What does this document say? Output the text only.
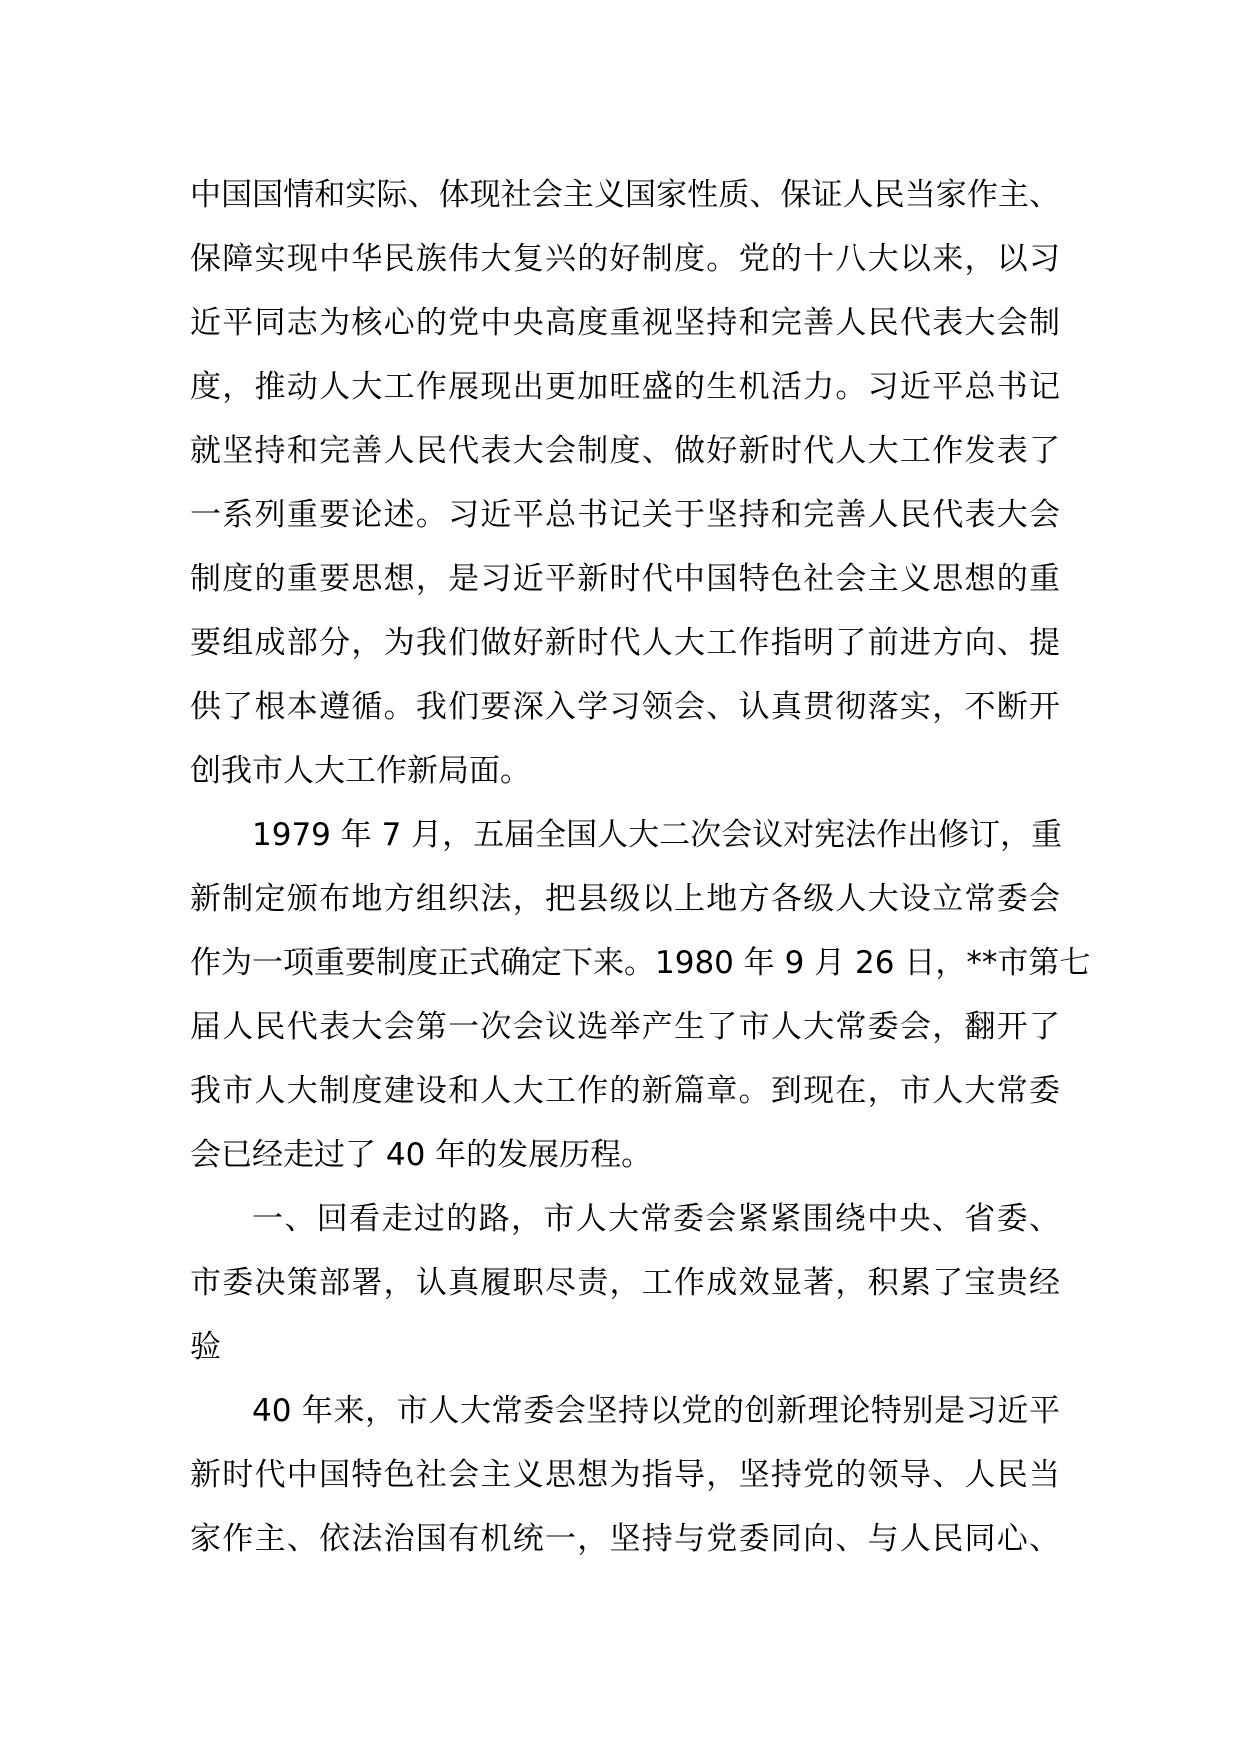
中国国情和实际、体现社会主义国家性质、保证人民当家作主、
保障实现中华民族伟大复兴的好制度。党的十八大以来，以习
近平同志为核心的党中央高度重视坚持和完善人民代表大会制
度，推动人大工作展现出更加旺盛的生机活力。习近平总书记
就坚持和完善人民代表大会制度、做好新时代人大工作发表了
一系列重要论述。习近平总书记关于坚持和完善人民代表大会
制度的重要思想，是习近平新时代中国特色社会主义思想的重
要组成部分，为我们做好新时代人大工作指明了前进方向、提
供了根本遵循。我们要深入学习领会、认真贯彻落实，不断开
创我市人大工作新局面。
1979 年 7 月，五届全国人大二次会议对宪法作出修订，重
新制定颁布地方组织法，把县级以上地方各级人大设立常委会
作为一项重要制度正式确定下来。1980 年 9 月 26 日，**市第七
届人民代表大会第一次会议选举产生了市人大常委会，翻开了
我市人大制度建设和人大工作的新篇章。到现在，市人大常委
会已经走过了 40 年的发展历程。
一、回看走过的路，市人大常委会紧紧围绕中央、省委、
市委决策部署，认真履职尽责，工作成效显著，积累了宝贵经
验
40 年来，市人大常委会坚持以党的创新理论特别是习近平
新时代中国特色社会主义思想为指导，坚持党的领导、人民当
家作主、依法治国有机统一，坚持与党委同向、与人民同心、
